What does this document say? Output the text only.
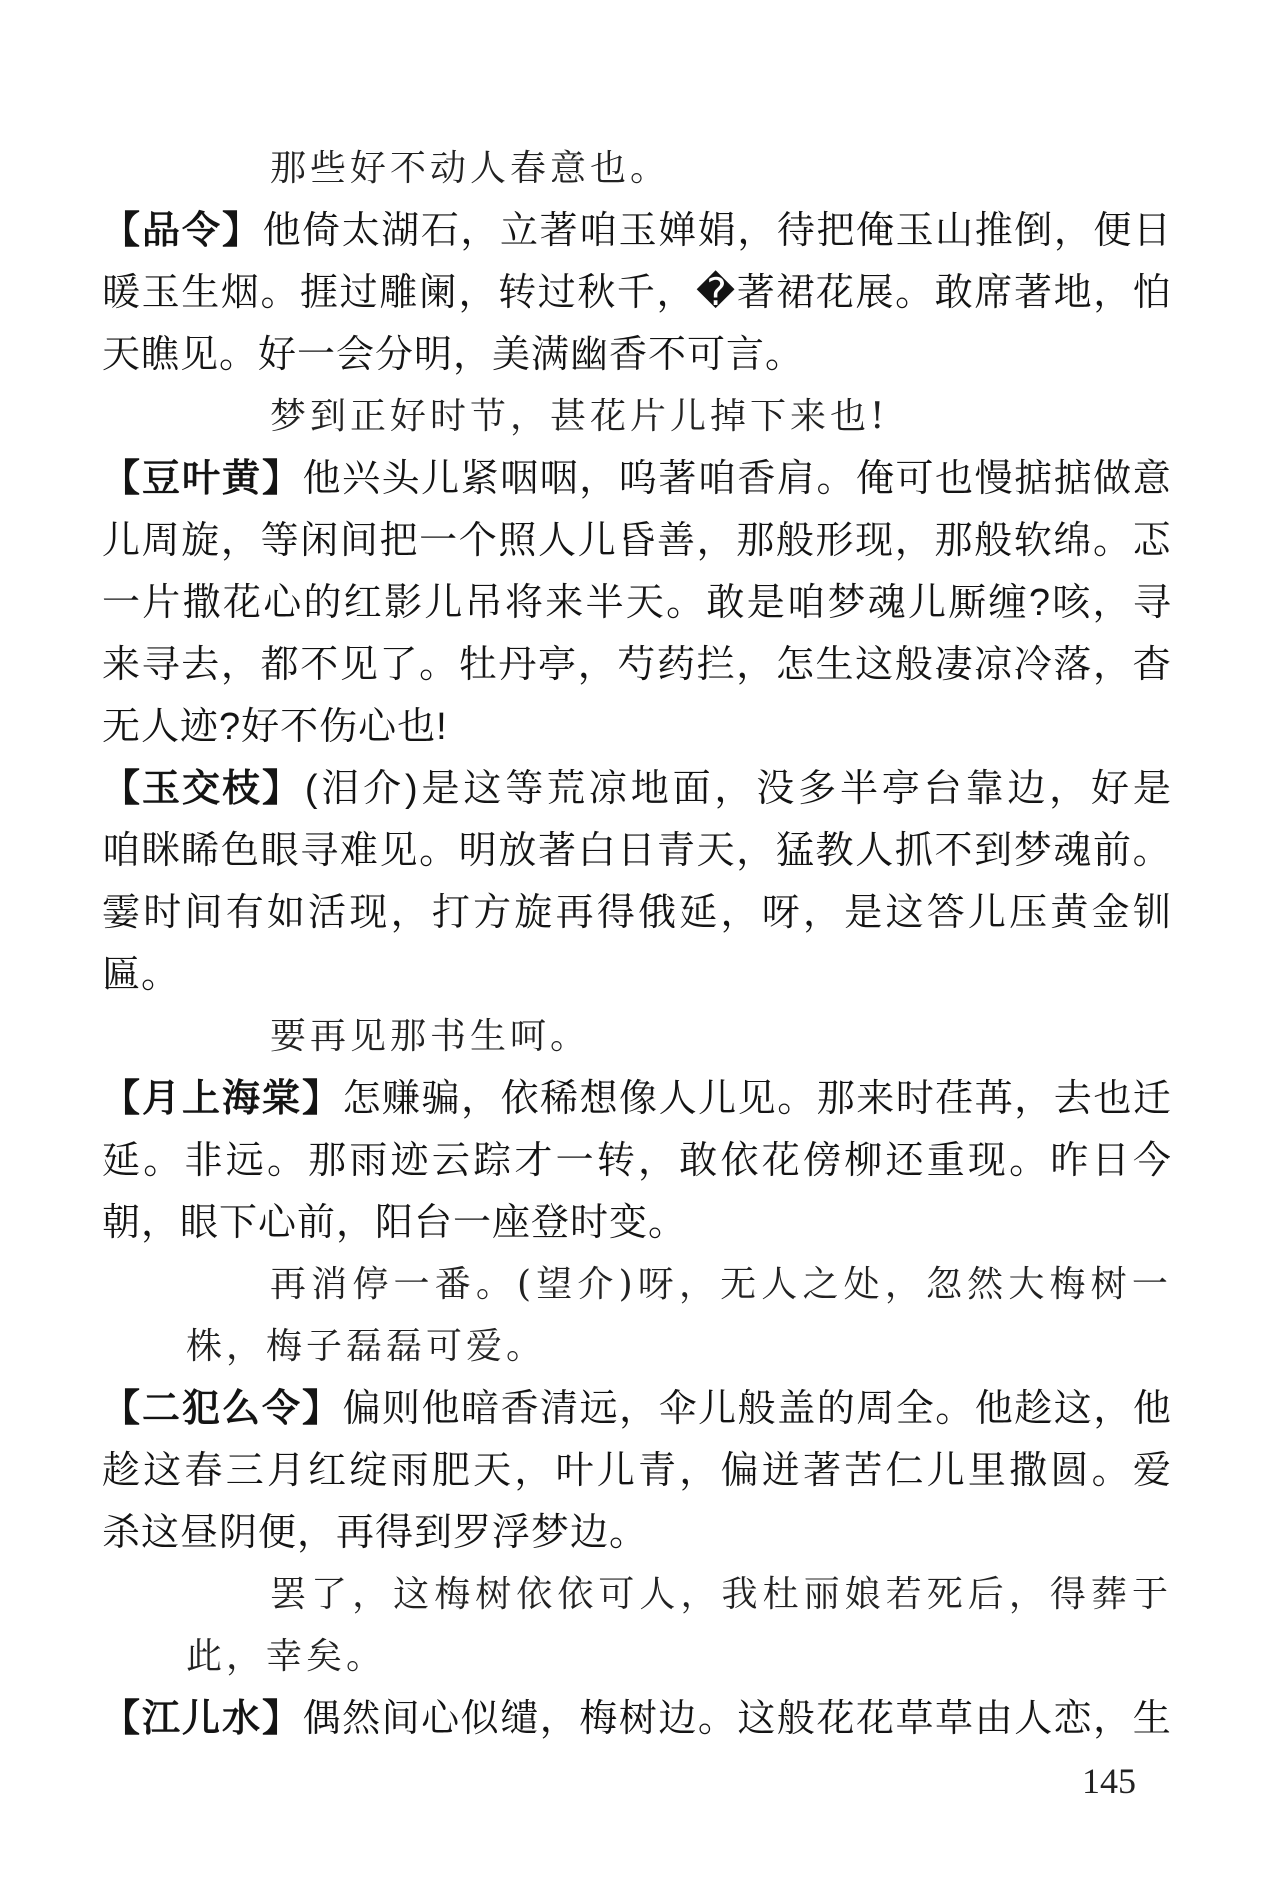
那些好不动人春意也。
【品令】 他 倚 太 湖 石 ， 立 著 咱 玉 婵 娟 ， 待 把 俺 玉 山 推 倒 ， 便 日
暖 玉 生 烟 。 捱 过 雕 阑 ， 转 过 秋 千 ， � 著 裙 花 展 。 敢 席 著 地 ， 怕
天瞧见。好一会分明，美满幽香不可言。
梦到正好时节，甚花片儿掉下来也!
【豆叶黄】 他 兴 头 儿 紧 咽 咽 ， 呜 著 咱 香 肩 。 俺 可 也 慢 掂 掂 做 意
儿 周 旋 ， 等 闲 间 把 一 个 照 人 儿 昏 善 ， 那 般 形 现 ， 那 般 软 绵 。 忑
一 片 撒 花 心 的 红 影 儿 吊 将 来 半 天 。 敢 是 咱 梦 魂 儿 厮 缠 ? 咳 ， 寻
来 寻 去 ， 都 不 见 了 。 牡 丹 亭 ， 芍 药 拦 ， 怎 生 这 般 凄 凉 冷 落 ， 杳
无人迹?好不伤心也!
【玉交枝】 ( 泪 介 ) 是 这 等 荒 凉 地 面 ， 没 多 半 亭 台 靠 边 ， 好 是
咱 眯 睎 色 眼 寻 难 见 。 明 放 著 白 日 青 天 ， 猛 教 人 抓 不 到 梦 魂 前 。
霎 时 间 有 如 活 现 ， 打 方 旋 再 得 俄 延 ， 呀 ， 是 这 答 儿 压 黄 金 钏
匾。
要再见那书生呵。
【月上海棠】 怎 赚 骗 ， 依 稀 想 像 人 儿 见 。 那 来 时 荏 苒 ， 去 也 迁
延 。 非 远 。 那 雨 迹 云 踪 才 一 转 ， 敢 依 花 傍 柳 还 重 现 。 昨 日 今
朝，眼下心前，阳台一座登时变。
再 消 停 一 番 。 ( 望 介 ) 呀 ， 无 人 之 处 ， 忽 然 大 梅 树 一
株，梅子磊磊可爱。
【二犯么令】 偏 则 他 暗 香 清 远 ， 伞 儿 般 盖 的 周 全 。 他 趁 这 ， 他
趁 这 春 三 月 红 绽 雨 肥 天 ， 叶 儿 青 ， 偏 迸 著 苦 仁 儿 里 撒 圆 。 爱
杀这昼阴便，再得到罗浮梦边。
罢 了 ， 这 梅 树 依 依 可 人 ， 我 杜 丽 娘 若 死 后 ， 得 葬 于
此，幸矣。
【江儿水】 偶 然 间 心 似 缱 ， 梅 树 边 。 这 般 花 花 草 草 由 人 恋 ， 生
145
